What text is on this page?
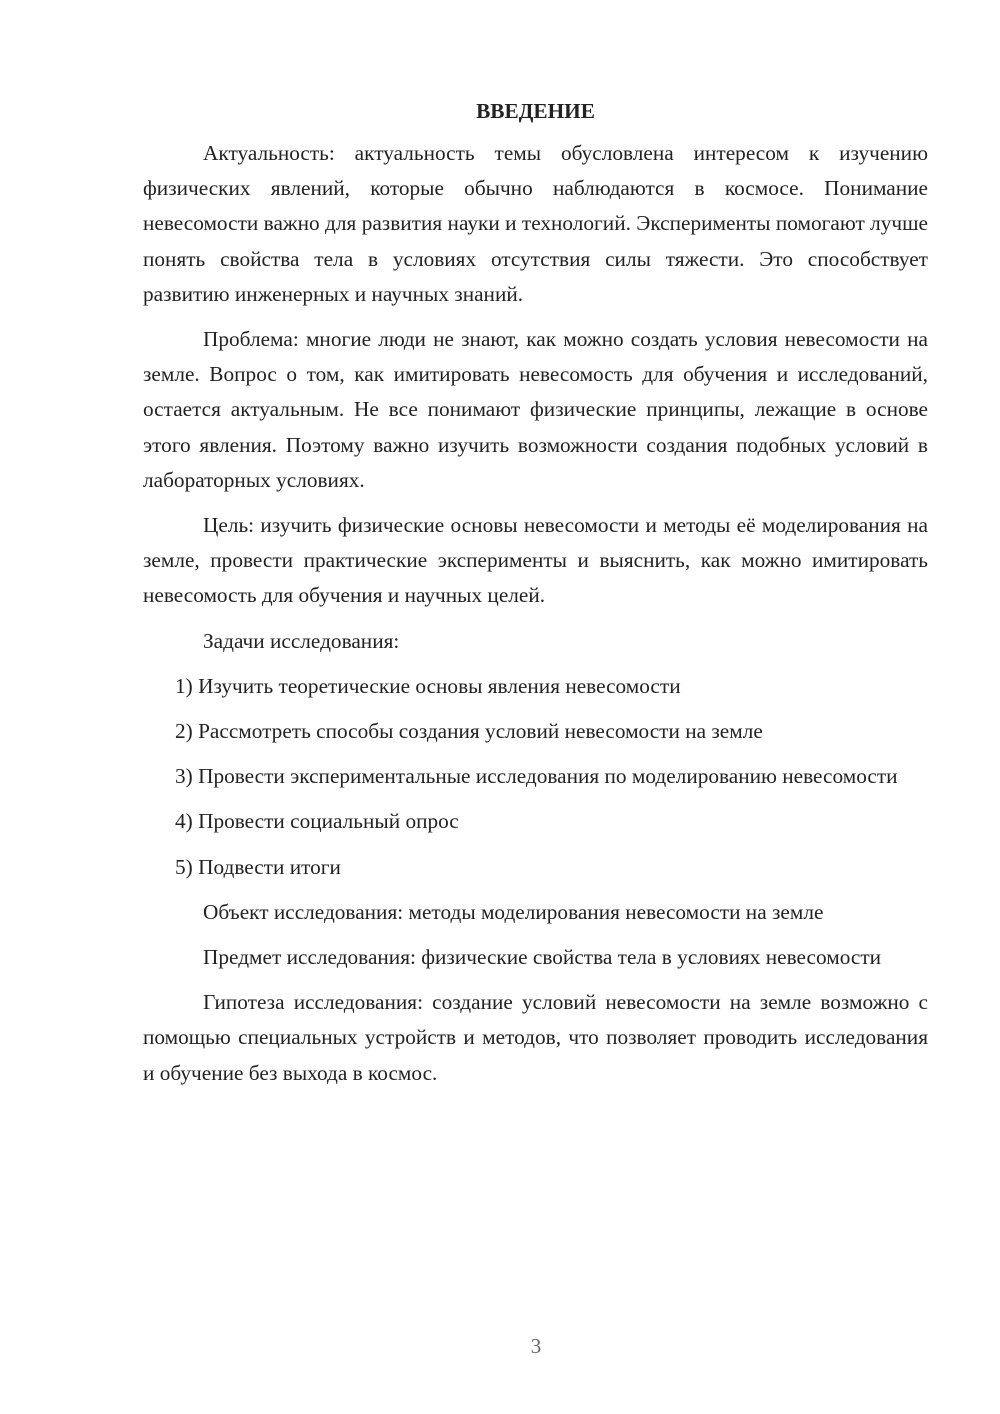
ВВЕДЕНИЕ

Актуальность: актуальность темы обусловлена интересом к изучению физических явлений, которые обычно наблюдаются в космосе. Понимание невесомости важно для развития науки и технологий. Эксперименты помогают лучше понять свойства тела в условиях отсутствия силы тяжести. Это способствует развитию инженерных и научных знаний.

Проблема: многие люди не знают, как можно создать условия невесомости на земле. Вопрос о том, как имитировать невесомость для обучения и исследований, остается актуальным. Не все понимают физические принципы, лежащие в основе этого явления. Поэтому важно изучить возможности создания подобных условий в лабораторных условиях.

Цель: изучить физические основы невесомости и методы её моделирования на земле, провести практические эксперименты и выяснить, как можно имитировать невесомость для обучения и научных целей.

Задачи исследования:

1) Изучить теоретические основы явления невесомости

2) Рассмотреть способы создания условий невесомости на земле

3) Провести экспериментальные исследования по моделированию невесомости

4) Провести социальный опрос

5) Подвести итоги

Объект исследования: методы моделирования невесомости на земле

Предмет исследования: физические свойства тела в условиях невесомости

Гипотеза исследования: создание условий невесомости на земле возможно с помощью специальных устройств и методов, что позволяет проводить исследования и обучение без выхода в космос.

3
